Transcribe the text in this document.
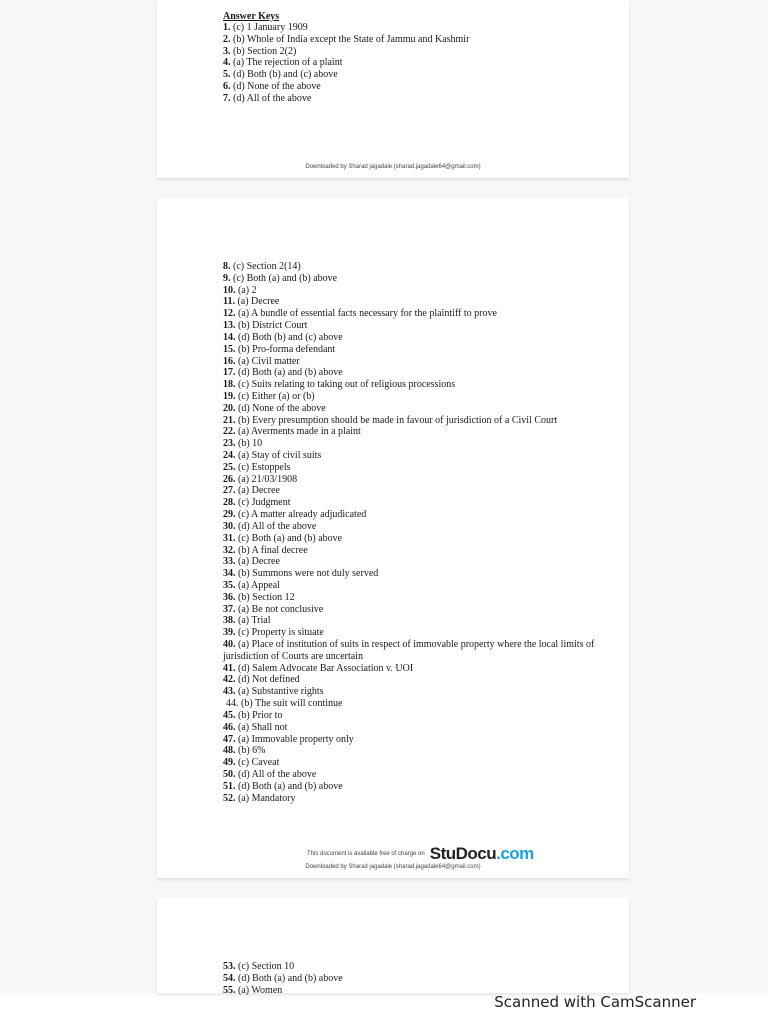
Answer Keys

1. (c) 1 January 1909
2. (b) Whole of India except the State of Jammu and Kashmir
3. (b) Section 2(2)
4. (a) The rejection of a plaint
5. (d) Both (b) and (c) above
6. (d) None of the above
7. (d) All of the above
Downloaded by Sharad jagadale (sharad.jagadale64@gmail.com)
8. (c) Section 2(14)
9. (c) Both (a) and (b) above
10. (a) 2
11. (a) Decree
12. (a) A bundle of essential facts necessary for the plaintiff to prove
13. (b) District Court
14. (d) Both (b) and (c) above
15. (b) Pro-forma defendant
16. (a) Civil matter
17. (d) Both (a) and (b) above
18. (c) Suits relating to taking out of religious processions
19. (c) Either (a) or (b)
20. (d) None of the above
21. (b) Every presumption should be made in favour of jurisdiction of a Civil Court
22. (a) Averments made in a plaint
23. (b) 10
24. (a) Stay of civil suits
25. (c) Estoppels
26. (a) 21/03/1908
27. (a) Decree
28. (c) Judgment
29. (c) A matter already adjudicated
30. (d) All of the above
31. (c) Both (a) and (b) above
32. (b) A final decree
33. (a) Decree
34. (b) Summons were not duly served
35. (a) Appeal
36. (b) Section 12
37. (a) Be not conclusive
38. (a) Trial
39. (c) Property is situate
40. (a) Place of institution of suits in respect of immovable property where the local limits of jurisdiction of Courts are uncertain
41. (d) Salem Advocate Bar Association v. UOI
42. (d) Not defined
43. (a) Substantive rights
44. (b) The suit will continue
45. (b) Prior to
46. (a) Shall not
47. (a) Immovable property only
48. (b) 6%
49. (c) Caveat
50. (d) All of the above
51. (d) Both (a) and (b) above
52. (a) Mandatory
This document is available free of charge on StuDocu.com
Downloaded by Sharad jagadale (sharad.jagadale64@gmail.com)
53. (c) Section 10
54. (d) Both (a) and (b) above
55. (a) Women
Scanned with CamScanner
